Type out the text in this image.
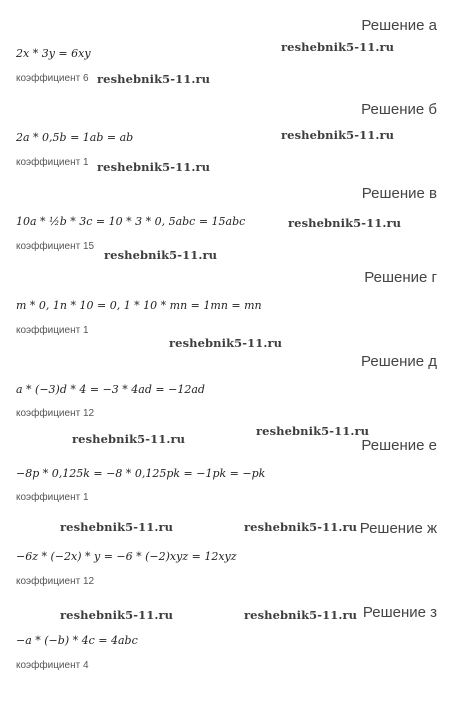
Решение а
2x * 3y = 6xy
коэффициент 6
Решение б
2a * 0,5b = 1ab = ab
коэффициент 1
Решение в
10a * ½b * 3c = 10 * 3 * 0, 5abc = 15abc
коэффициент 15
Решение г
m * 0, 1n * 10 = 0, 1 * 10 * mn = 1mn = mn
коэффициент 1
Решение д
a * (−3)d * 4 = −3 * 4ad = −12ad
коэффициент 12
Решение е
−8p * 0,125k = −8 * 0,125pk = −1pk = −pk
коэффициент 1
Решение ж
−6z * (−2x) * y = −6 * (−2)xyz = 12xyz
коэффициент 12
Решение з
−a * (−b) * 4c = 4abc
коэффициент 4
reshebnik5-11.ru
reshebnik5-11.ru
reshebnik5-11.ru
reshebnik5-11.ru
reshebnik5-11.ru
reshebnik5-11.ru
reshebnik5-11.ru
reshebnik5-11.ru
reshebnik5-11.ru
reshebnik5-11.ru	reshebnik5-11.ru
reshebnik5-11.ru	reshebnik5-11.ru
